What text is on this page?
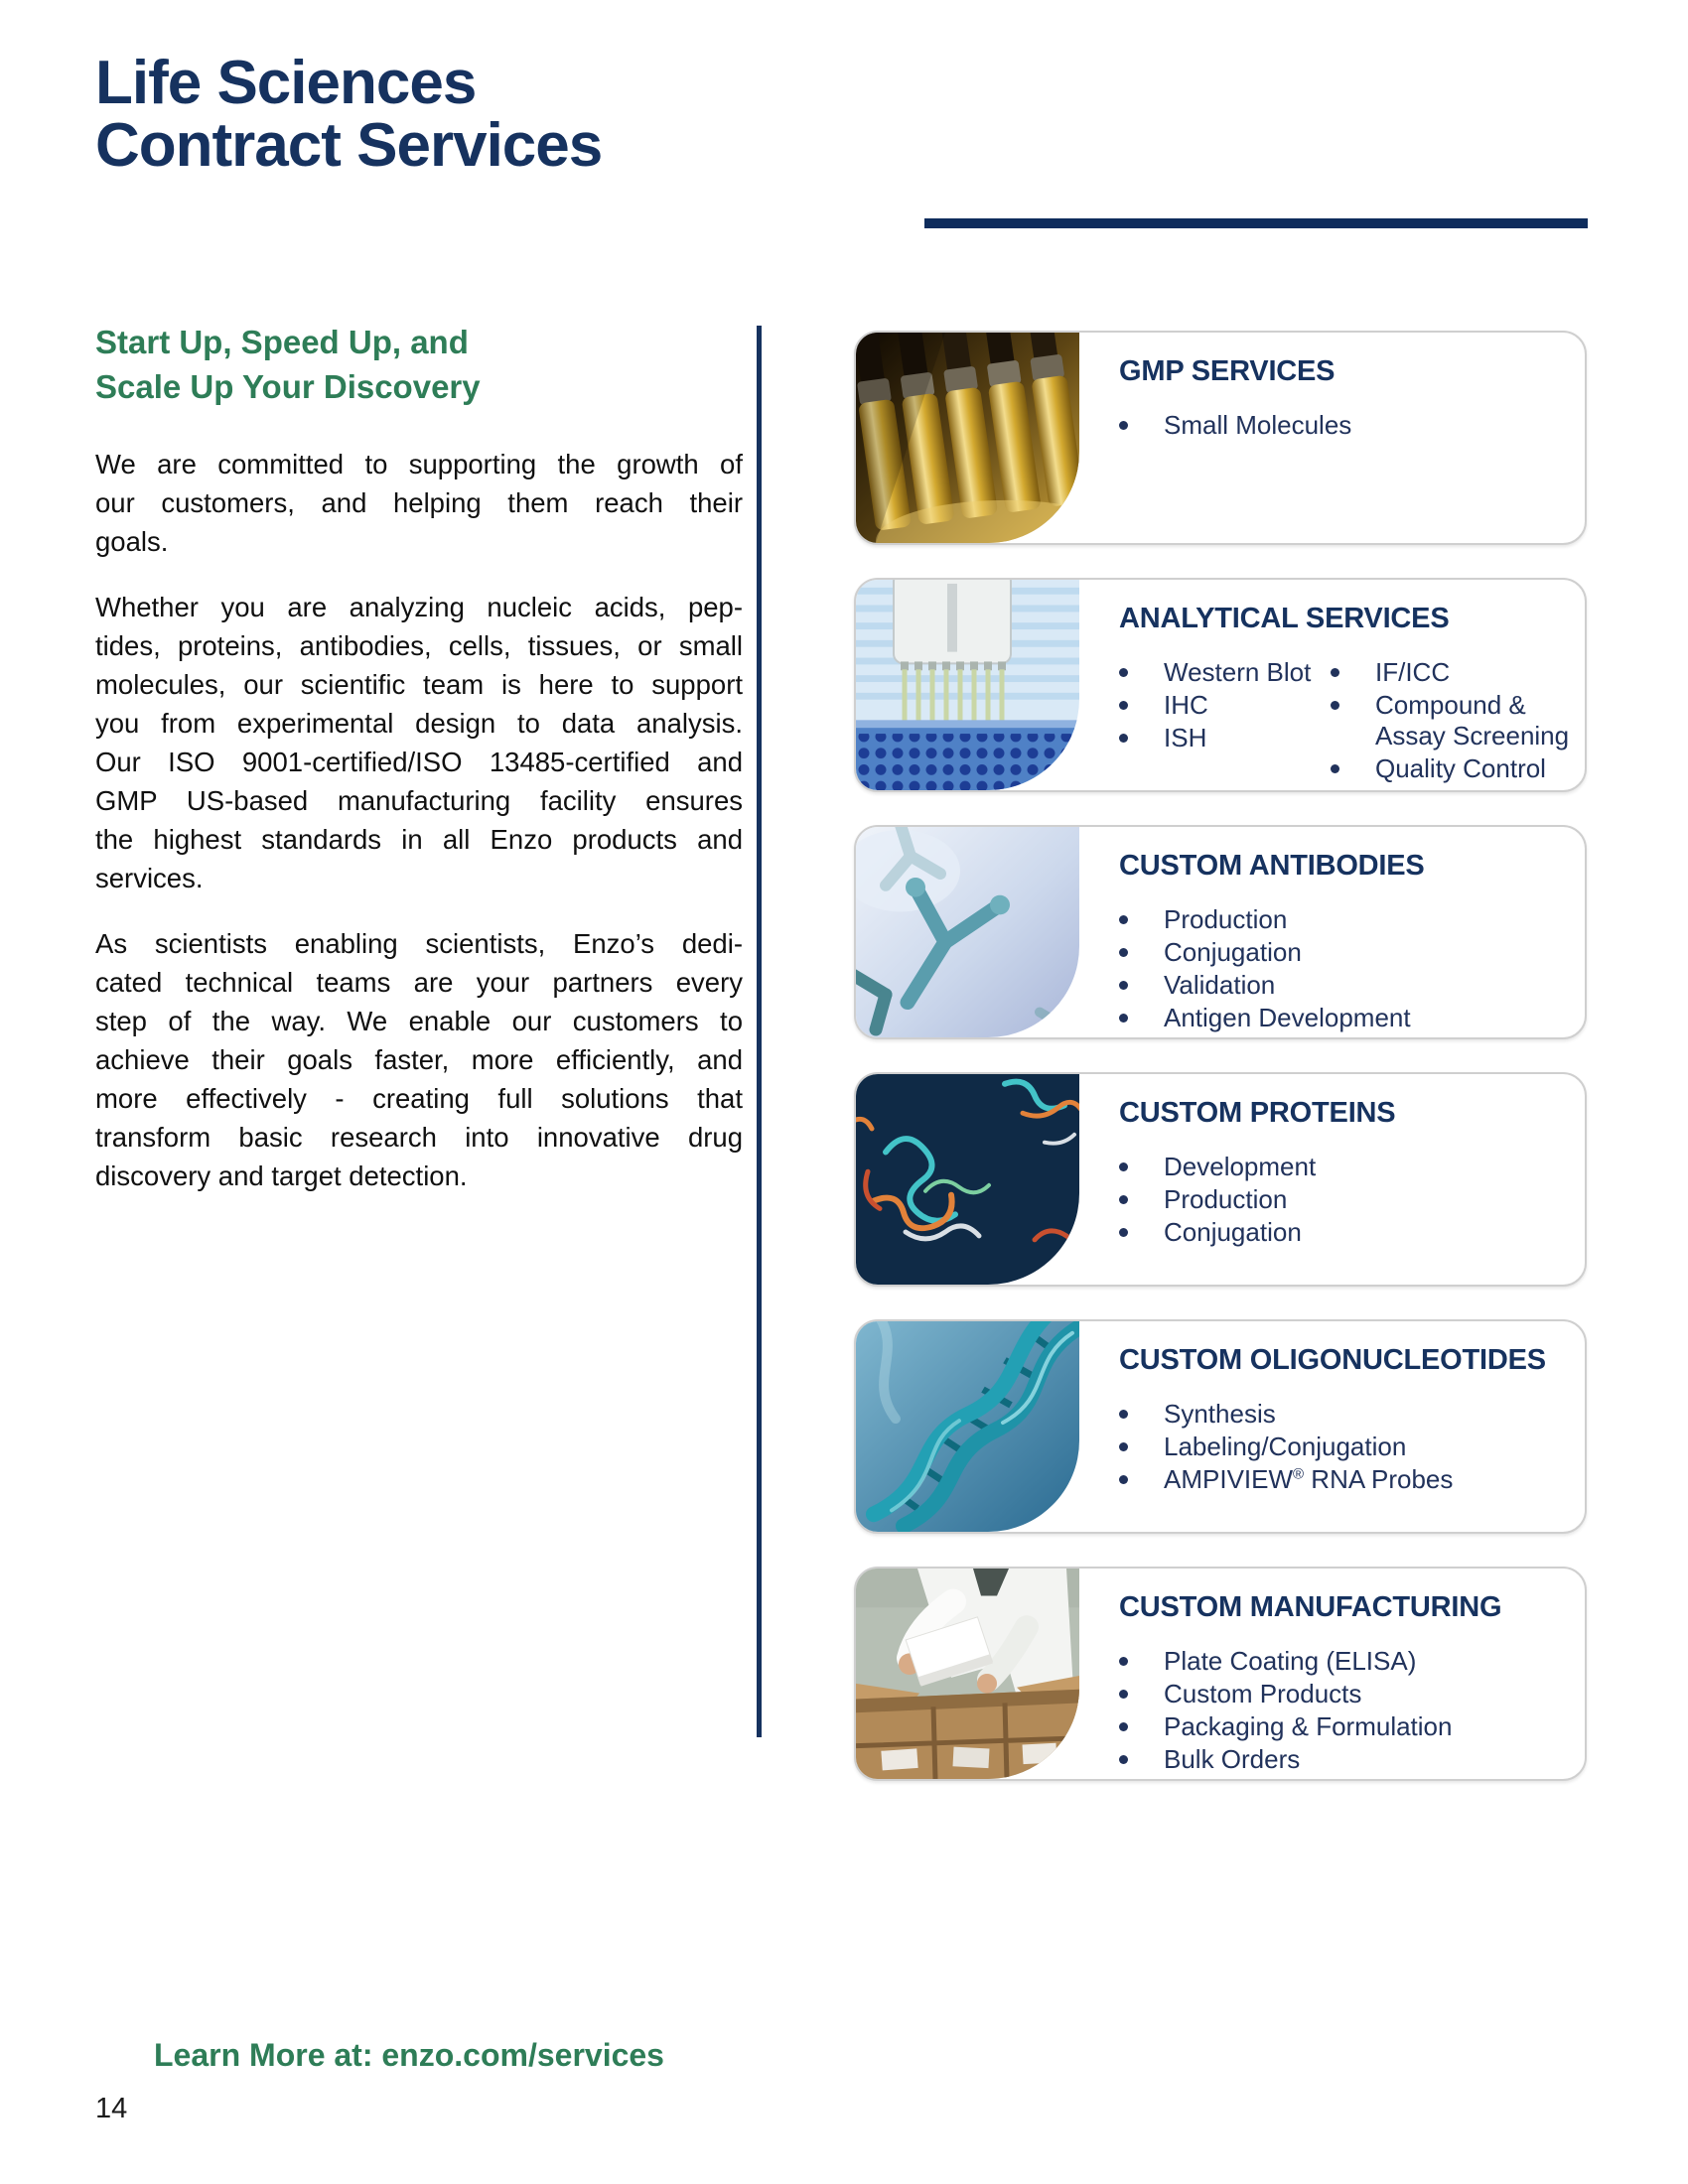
Life Sciences
Contract Services
Start Up, Speed Up, and
Scale Up Your Discovery
We are committed to supporting the growth of
our customers, and helping them reach their
goals.
Whether you are analyzing nucleic acids, pep-
tides, proteins, antibodies, cells, tissues, or small
molecules, our scientific team is here to support
you from experimental design to data analysis.
Our ISO 9001-certified/ISO 13485-certified and
GMP US-based manufacturing facility ensures
the highest standards in all Enzo products and
services.
As scientists enabling scientists, Enzo’s dedi-
cated technical teams are your partners every
step of the way. We enable our customers to
achieve their goals faster, more efficiently, and
more effectively - creating full solutions that
transform basic research into innovative drug
discovery and target detection.
GMP SERVICES
Small Molecules
ANALYTICAL SERVICES
Western Blot
IHC
ISH
IF/ICC
Compound & Assay Screening
Quality Control
CUSTOM ANTIBODIES
Production
Conjugation
Validation
Antigen Development
CUSTOM PROTEINS
Development
Production
Conjugation
CUSTOM OLIGONUCLEOTIDES
Synthesis
Labeling/Conjugation
AMPIVIEW® RNA Probes
CUSTOM MANUFACTURING
Plate Coating (ELISA)
Custom Products
Packaging & Formulation
Bulk Orders
Learn More at: enzo.com/services
14
